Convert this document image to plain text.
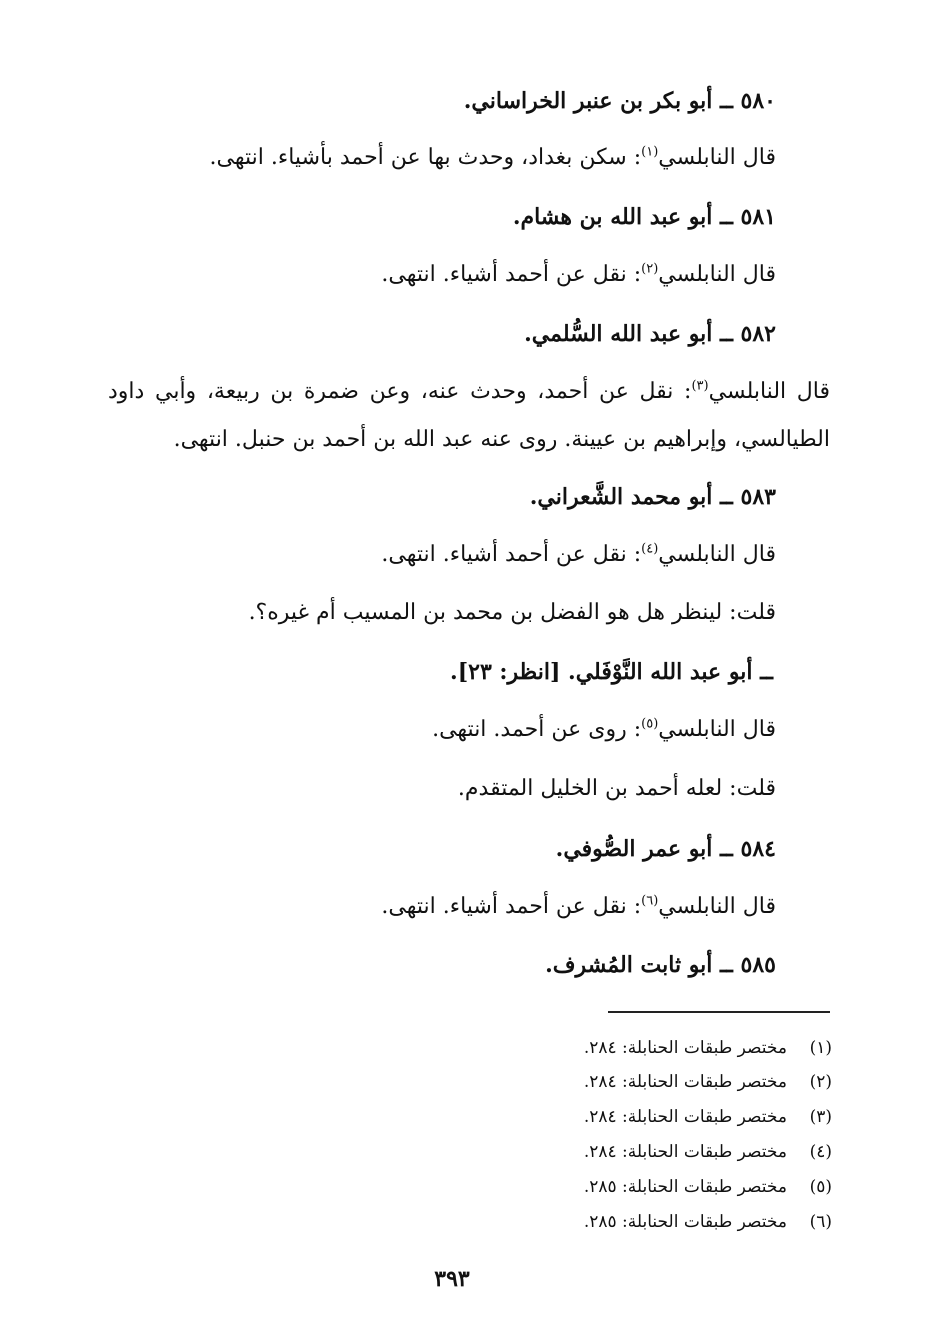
٥٨٠ ــ أبو بكر بن عنبر الخراساني.
قال النابلسي$^{(١)}$: سكن بغداد، وحدث بها عن أحمد بأشياء. انتهى.
٥٨١ ــ أبو عبد الله بن هشام.
قال النابلسي$^{(٢)}$: نقل عن أحمد أشياء. انتهى.
٥٨٢ ــ أبو عبد الله السُّلمي.
قال النابلسي$^{(٣)}$: نقل عن أحمد، وحدث عنه، وعن ضمرة بن ربيعة، وأبي داود الطيالسي، وإبراهيم بن عيينة. روى عنه عبد الله بن أحمد بن حنبل. انتهى.
٥٨٣ ــ أبو محمد الشَّعراني.
قال النابلسي$^{(٤)}$: نقل عن أحمد أشياء. انتهى.
قلت: لينظر هل هو الفضل بن محمد بن المسيب أم غيره؟.
ــ أبو عبد الله النَّوْفَلي. [انظر: ٢٣].
قال النابلسي$^{(٥)}$: روى عن أحمد. انتهى.
قلت: لعله أحمد بن الخليل المتقدم.
٥٨٤ ــ أبو عمر الصُّوفي.
قال النابلسي$^{(٦)}$: نقل عن أحمد أشياء. انتهى.
٥٨٥ ــ أبو ثابت المُشرف.
(١)مختصر طبقات الحنابلة: ٢٨٤.
(٢)مختصر طبقات الحنابلة: ٢٨٤.
(٣)مختصر طبقات الحنابلة: ٢٨٤.
(٤)مختصر طبقات الحنابلة: ٢٨٤.
(٥)مختصر طبقات الحنابلة: ٢٨٥.
(٦)مختصر طبقات الحنابلة: ٢٨٥.
٣٩٣
